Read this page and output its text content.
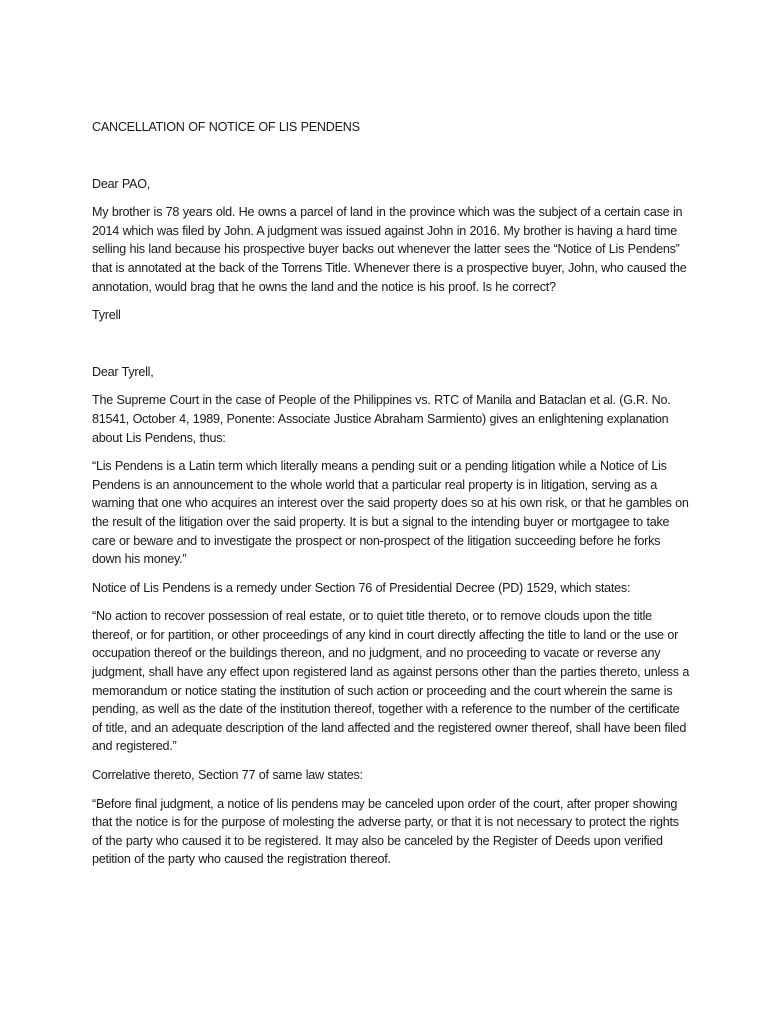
CANCELLATION OF NOTICE OF LIS PENDENS

Dear PAO,

My brother is 78 years old. He owns a parcel of land in the province which was the subject of a certain case in 2014 which was filed by John. A judgment was issued against John in 2016. My brother is having a hard time selling his land because his prospective buyer backs out whenever the latter sees the “Notice of Lis Pendens” that is annotated at the back of the Torrens Title. Whenever there is a prospective buyer, John, who caused the annotation, would brag that he owns the land and the notice is his proof. Is he correct?

Tyrell

Dear Tyrell,

The Supreme Court in the case of People of the Philippines vs. RTC of Manila and Bataclan et al. (G.R. No. 81541, October 4, 1989, Ponente: Associate Justice Abraham Sarmiento) gives an enlightening explanation about Lis Pendens, thus:

“Lis Pendens is a Latin term which literally means a pending suit or a pending litigation while a Notice of Lis Pendens is an announcement to the whole world that a particular real property is in litigation, serving as a warning that one who acquires an interest over the said property does so at his own risk, or that he gambles on the result of the litigation over the said property. It is but a signal to the intending buyer or mortgagee to take care or beware and to investigate the prospect or non-prospect of the litigation succeeding before he forks down his money.”

Notice of Lis Pendens is a remedy under Section 76 of Presidential Decree (PD) 1529, which states:

“No action to recover possession of real estate, or to quiet title thereto, or to remove clouds upon the title thereof, or for partition, or other proceedings of any kind in court directly affecting the title to land or the use or occupation thereof or the buildings thereon, and no judgment, and no proceeding to vacate or reverse any judgment, shall have any effect upon registered land as against persons other than the parties thereto, unless a memorandum or notice stating the institution of such action or proceeding and the court wherein the same is pending, as well as the date of the institution thereof, together with a reference to the number of the certificate of title, and an adequate description of the land affected and the registered owner thereof, shall have been filed and registered.”

Correlative thereto, Section 77 of same law states:

“Before final judgment, a notice of lis pendens may be canceled upon order of the court, after proper showing that the notice is for the purpose of molesting the adverse party, or that it is not necessary to protect the rights of the party who caused it to be registered. It may also be canceled by the Register of Deeds upon verified petition of the party who caused the registration thereof.
